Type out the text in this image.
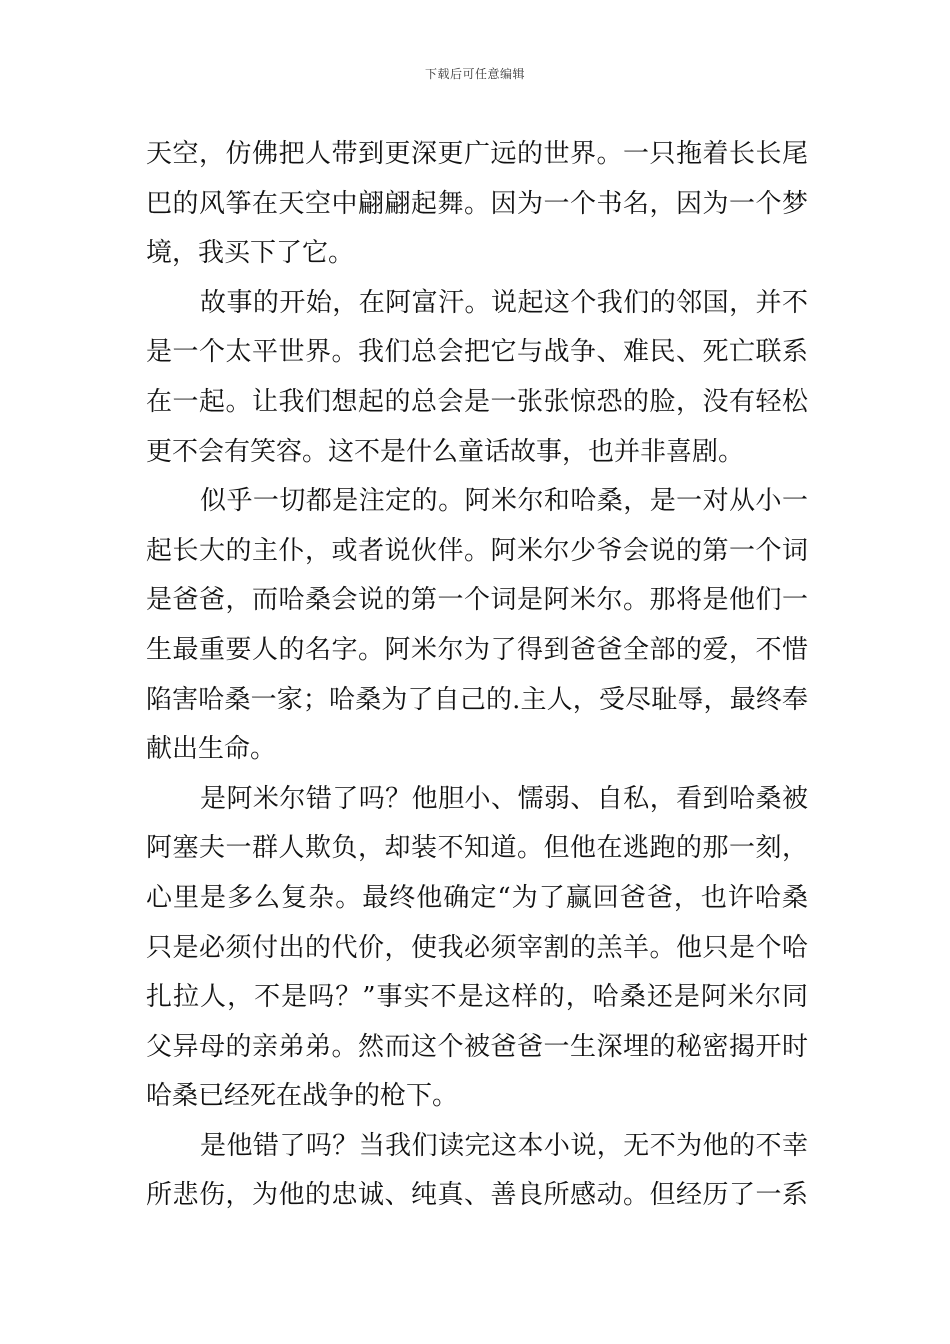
下载后可任意编辑
天空，仿佛把人带到更深更广远的世界。一只拖着长长尾
巴的风筝在天空中翩翩起舞。因为一个书名，因为一个梦
境，我买下了它。
故事的开始，在阿富汗。说起这个我们的邻国，并不
是一个太平世界。我们总会把它与战争、难民、死亡联系
在一起。让我们想起的总会是一张张惊恐的脸，没有轻松
更不会有笑容。这不是什么童话故事，也并非喜剧。
似乎一切都是注定的。阿米尔和哈桑，是一对从小一
起长大的主仆，或者说伙伴。阿米尔少爷会说的第一个词
是爸爸，而哈桑会说的第一个词是阿米尔。那将是他们一
生最重要人的名字。阿米尔为了得到爸爸全部的爱，不惜
陷害哈桑一家；哈桑为了自己的.主人，受尽耻辱，最终奉
献出生命。
是阿米尔错了吗？他胆小、懦弱、自私，看到哈桑被
阿塞夫一群人欺负，却装不知道。但他在逃跑的那一刻，
心里是多么复杂。最终他确定“为了赢回爸爸，也许哈桑
只是必须付出的代价，使我必须宰割的羔羊。他只是个哈
扎拉人，不是吗？”事实不是这样的，哈桑还是阿米尔同
父异母的亲弟弟。然而这个被爸爸一生深埋的秘密揭开时
哈桑已经死在战争的枪下。
是他错了吗？当我们读完这本小说，无不为他的不幸
所悲伤，为他的忠诚、纯真、善良所感动。但经历了一系
